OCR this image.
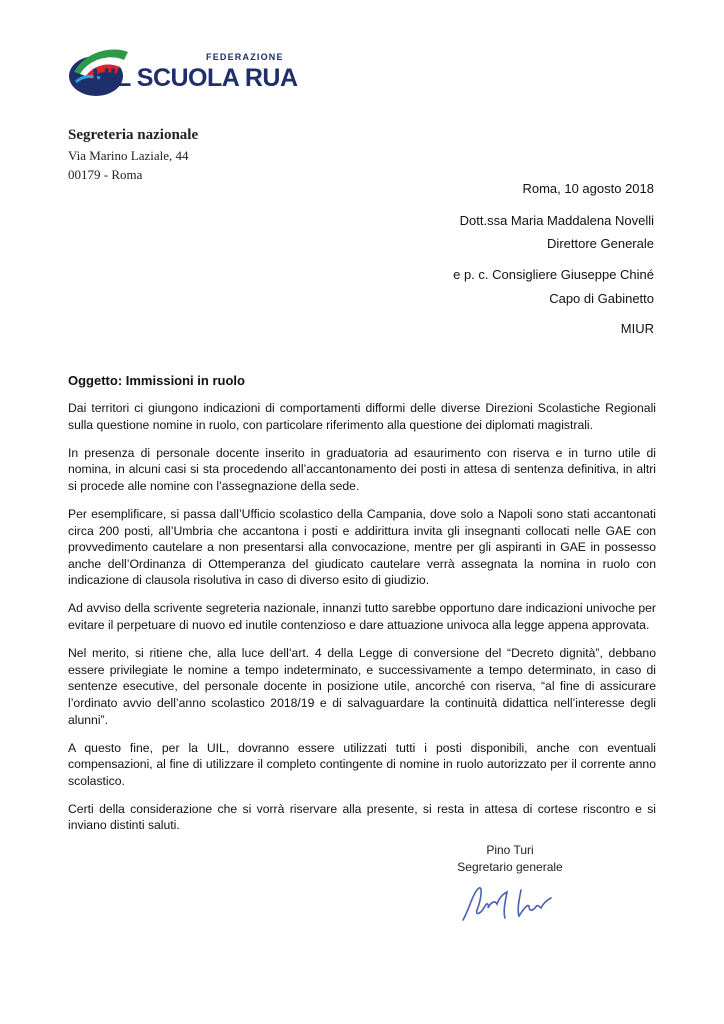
FEDERAZIONE
UIL SCUOLA RUA
Segreteria nazionale
Via Marino Laziale, 44
00179 - Roma
Roma, 10 agosto 2018
Dott.ssa Maria Maddalena Novelli
Direttore Generale
e p. c. Consigliere Giuseppe Chiné
Capo di Gabinetto
MIUR
Oggetto: Immissioni in ruolo

Dai territori ci giungono indicazioni di comportamenti difformi delle diverse Direzioni Scolastiche Regionali sulla questione nomine in ruolo, con particolare riferimento alla questione dei diplomati magistrali.

In presenza di personale docente inserito in graduatoria ad esaurimento con riserva e in turno utile di nomina, in alcuni casi si sta procedendo all’accantonamento dei posti in attesa di sentenza definitiva, in altri si procede alle nomine con l’assegnazione della sede.

Per esemplificare, si passa dall’Ufficio scolastico della Campania, dove solo a Napoli sono stati accantonati circa 200 posti, all’Umbria che accantona i posti e addirittura invita gli insegnanti collocati nelle GAE con provvedimento cautelare a non presentarsi alla convocazione, mentre per gli aspiranti in GAE in possesso anche dell’Ordinanza di Ottemperanza del giudicato cautelare verrà assegnata la nomina in ruolo con indicazione di clausola risolutiva in caso di diverso esito di giudizio.

Ad avviso della scrivente segreteria nazionale, innanzi tutto sarebbe opportuno dare indicazioni univoche per evitare il perpetuare di nuovo ed inutile contenzioso e dare attuazione univoca alla legge appena approvata.

Nel merito, si ritiene che, alla luce dell’art. 4 della Legge di conversione del “Decreto dignità”, debbano essere privilegiate le nomine a tempo indeterminato, e successivamente a tempo determinato, in caso di sentenze esecutive, del personale docente in posizione utile, ancorché con riserva, “al fine di assicurare l’ordinato avvio dell’anno scolastico 2018/19 e di salvaguardare la continuità didattica nell’interesse degli alunni”.

A questo fine, per la UIL, dovranno essere utilizzati tutti i posti disponibili, anche con eventuali compensazioni, al fine di utilizzare il completo contingente di nomine in ruolo autorizzato per il corrente anno scolastico.

Certi della considerazione che si vorrà riservare alla presente, si resta in attesa di cortese riscontro e si inviano distinti saluti.

Pino Turi
Segretario generale
